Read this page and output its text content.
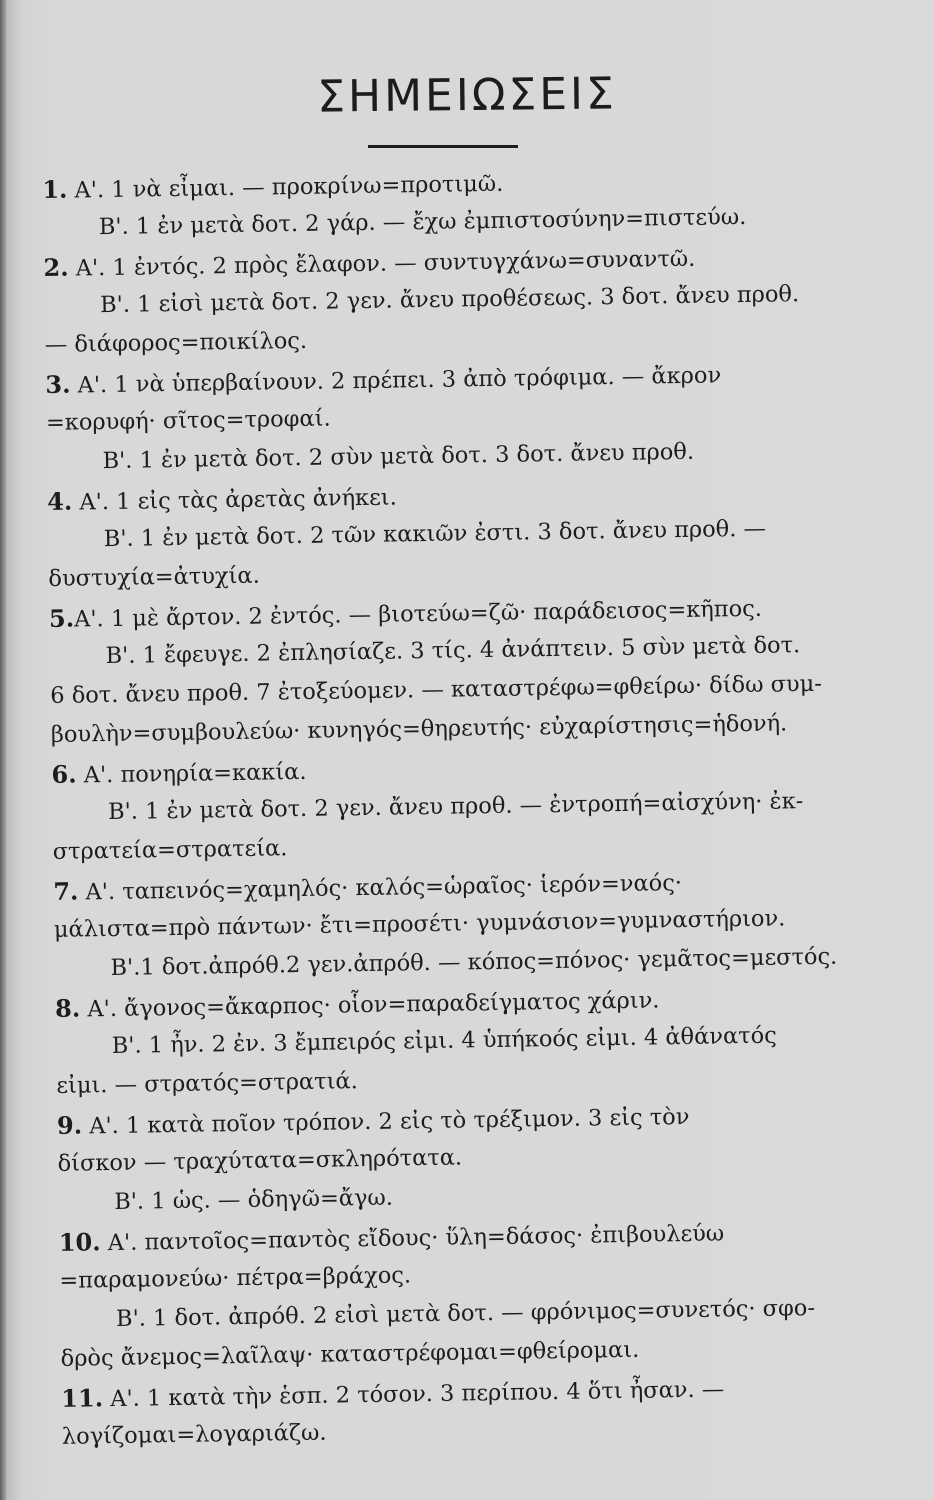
ΣΗΜΕΙΩΣΕΙΣ
1. Α'. 1 νὰ εἶμαι. — προκρίνω=προτιμῶ.
Β'. 1 ἐν μετὰ δοτ. 2 γάρ. — ἔχω ἐμπιστοσύνην=πιστεύω.
2. Α'. 1 ἐντός. 2 πρὸς ἔλαφον. — συντυγχάνω=συναντῶ.
Β'. 1 εἰσὶ μετὰ δοτ. 2 γεν. ἄνευ προθέσεως. 3 δοτ. ἄνευ προθ.
— διάφορος=ποικίλος.
3. Α'. 1 νὰ ὑπερβαίνουν. 2 πρέπει. 3 ἀπὸ τρόφιμα. — ἄκρον
=κορυφή· σῖτος=τροφαί.
Β'. 1 ἐν μετὰ δοτ. 2 σὺν μετὰ δοτ. 3 δοτ. ἄνευ προθ.
4. Α'. 1 εἰς τὰς ἀρετὰς ἀνήκει.
Β'. 1 ἐν μετὰ δοτ. 2 τῶν κακιῶν ἐστι. 3 δοτ. ἄνευ προθ. —
δυστυχία=ἀτυχία.
5.Α'. 1 μὲ ἄρτον. 2 ἐντός. — βιοτεύω=ζῶ· παράδεισος=κῆπος.
Β'. 1 ἔφευγε. 2 ἐπλησίαζε. 3 τίς. 4 ἀνάπτειν. 5 σὺν μετὰ δοτ.
6 δοτ. ἄνευ προθ. 7 ἐτοξεύομεν. — καταστρέφω=φθείρω· δίδω συμ-
βουλὴν=συμβουλεύω· κυνηγός=θηρευτής· εὐχαρίστησις=ἡδονή.
6. Α'. πονηρία=κακία.
Β'. 1 ἐν μετὰ δοτ. 2 γεν. ἄνευ προθ. — ἐντροπή=αἰσχύνη· ἐκ-
στρατεία=στρατεία.
7. Α'. ταπεινός=χαμηλός· καλός=ὡραῖος· ἱερόν=ναός·
μάλιστα=πρὸ πάντων· ἔτι=προσέτι· γυμνάσιον=γυμναστήριον.
Β'.1 δοτ.ἀπρόθ.2 γεν.ἀπρόθ. — κόπος=πόνος· γεμᾶτος=μεστός.
8. Α'. ἄγονος=ἄκαρπος· οἷον=παραδείγματος χάριν.
Β'. 1 ἦν. 2 ἐν. 3 ἔμπειρός εἰμι. 4 ὑπήκοός εἰμι. 4 ἀθάνατός
εἰμι. — στρατός=στρατιά.
9. Α'. 1 κατὰ ποῖον τρόπον. 2 εἰς τὸ τρέξιμον. 3 εἰς τὸν
δίσκον — τραχύτατα=σκληρότατα.
Β'. 1 ὡς. — ὁδηγῶ=ἄγω.
10. Α'. παντοῖος=παντὸς εἴδους· ὕλη=δάσος· ἐπιβουλεύω
=παραμονεύω· πέτρα=βράχος.
Β'. 1 δοτ. ἀπρόθ. 2 εἰσὶ μετὰ δοτ. — φρόνιμος=συνετός· σφο-
δρὸς ἄνεμος=λαῖλαψ· καταστρέφομαι=φθείρομαι.
11. Α'. 1 κατὰ τὴν ἑσπ. 2 τόσον. 3 περίπου. 4 ὅτι ἦσαν. —
λογίζομαι=λογαριάζω.
